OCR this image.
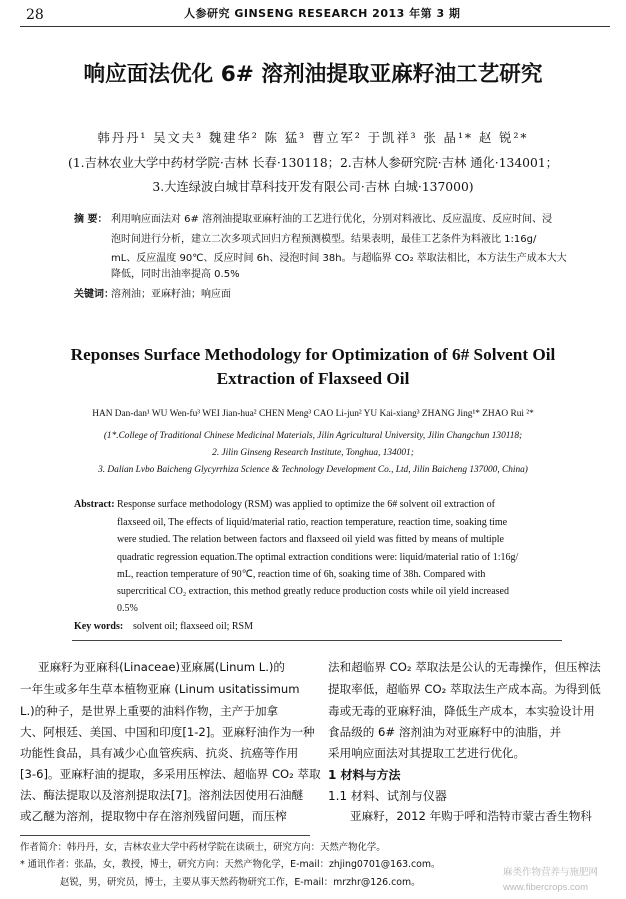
28	人参研究 GINSENG RESEARCH 2013 年第 3 期
响应面法优化 6# 溶剂油提取亚麻籽油工艺研究
韩丹丹¹ 吴文夫³ 魏建华² 陈 猛³ 曹立军² 于凯祥³ 张 晶¹* 赵 锐²*
(1.吉林农业大学中药材学院·吉林 长春·130118；2.吉林人参研究院·吉林 通化·134001；
3.大连绿波白城甘草科技开发有限公司·吉林 白城·137000)
摘 要： 利用响应面法对 6# 溶剂油提取亚麻籽油的工艺进行优化，分别对料液比、反应温度、反应时间、浸
泡时间进行分析，建立二次多项式回归方程预测模型。结果表明，最佳工艺条件为料液比 1:16g/
mL、反应温度 90℃、反应时间 6h、浸泡时间 38h。与超临界 CO₂ 萃取法相比，本方法生产成本大大
降低，同时出油率提高 0.5%
关键词：
溶剂油；亚麻籽油；响应面
Reponses Surface Methodology for Optimization of 6# Solvent Oil
Extraction of Flaxseed Oil
HAN Dan-dan¹ WU Wen-fu³ WEI Jian-hua² CHEN Meng³ CAO Li-jun² YU Kai-xiang³ ZHANG Jing¹* ZHAO Rui ²*
(1*.College of Traditional Chinese Medicinal Materials, Jilin Agricultural University, Jilin Changchun 130118;
2. Jilin Ginseng Research Institute, Tonghua, 134001;
3. Dalian Lvbo Baicheng Glycyrrhiza Science & Technology Development Co., Ltd, Jilin Baicheng 137000, China)
Abstract: Response surface methodology (RSM) was applied to optimize the 6# solvent oil extraction of
flaxseed oil, The effects of liquid/material ratio, reaction temperature, reaction time, soaking time
were studied. The relation between factors and flaxseed oil yield was fitted by means of multiple
quadratic regression equation.The optimal extraction conditions were: liquid/material ratio of 1:16g/
mL, reaction temperature of 90℃, reaction time of 6h, soaking time of 38h. Compared with
supercritical CO₂ extraction, this method greatly reduce production costs while oil yield increased
0.5%
Key words: solvent oil; flaxseed oil; RSM
亚麻籽为亚麻科(Linaceae)亚麻属(Linum L.)的
一年生或多年生草本植物亚麻 (Linum usitatissimum
L.)的种子，是世界上重要的油料作物，主产于加拿
大、阿根廷、美国、中国和印度[1-2]。亚麻籽油作为一种
功能性食品，具有减少心血管疾病、抗炎、抗癌等作用
[3-6]。亚麻籽油的提取，多采用压榨法、超临界 CO₂ 萃取
法、酶法提取以及溶剂提取法[7]。溶剂法因使用石油醚
或乙醚为溶剂，提取物中存在溶剂残留问题，而压榨
法和超临界 CO₂ 萃取法是公认的无毒操作，但压榨法
提取率低，超临界 CO₂ 萃取法生产成本高。为得到低
毒或无毒的亚麻籽油，降低生产成本，本实验设计用
食品级的 6# 溶剂油为对亚麻籽中的油脂，并
采用响应面法对其提取工艺进行优化。
1 材料与方法
1.1 材料、试剂与仪器
亚麻籽，2012 年购于呼和浩特市蒙古香生物科
作者简介：韩丹丹，女，吉林农业大学中药材学院在读硕士，研究方向：天然产物化学。
* 通讯作者：张晶，女，教授，博士，研究方向：天然产物化学，E-mail：zhjing0701@163.com。
赵锐，男，研究员，博士，主要从事天然药物研究工作，E-mail：mrzhr@126.com。
麻类作物营养与施肥网
www.fibercrops.com
